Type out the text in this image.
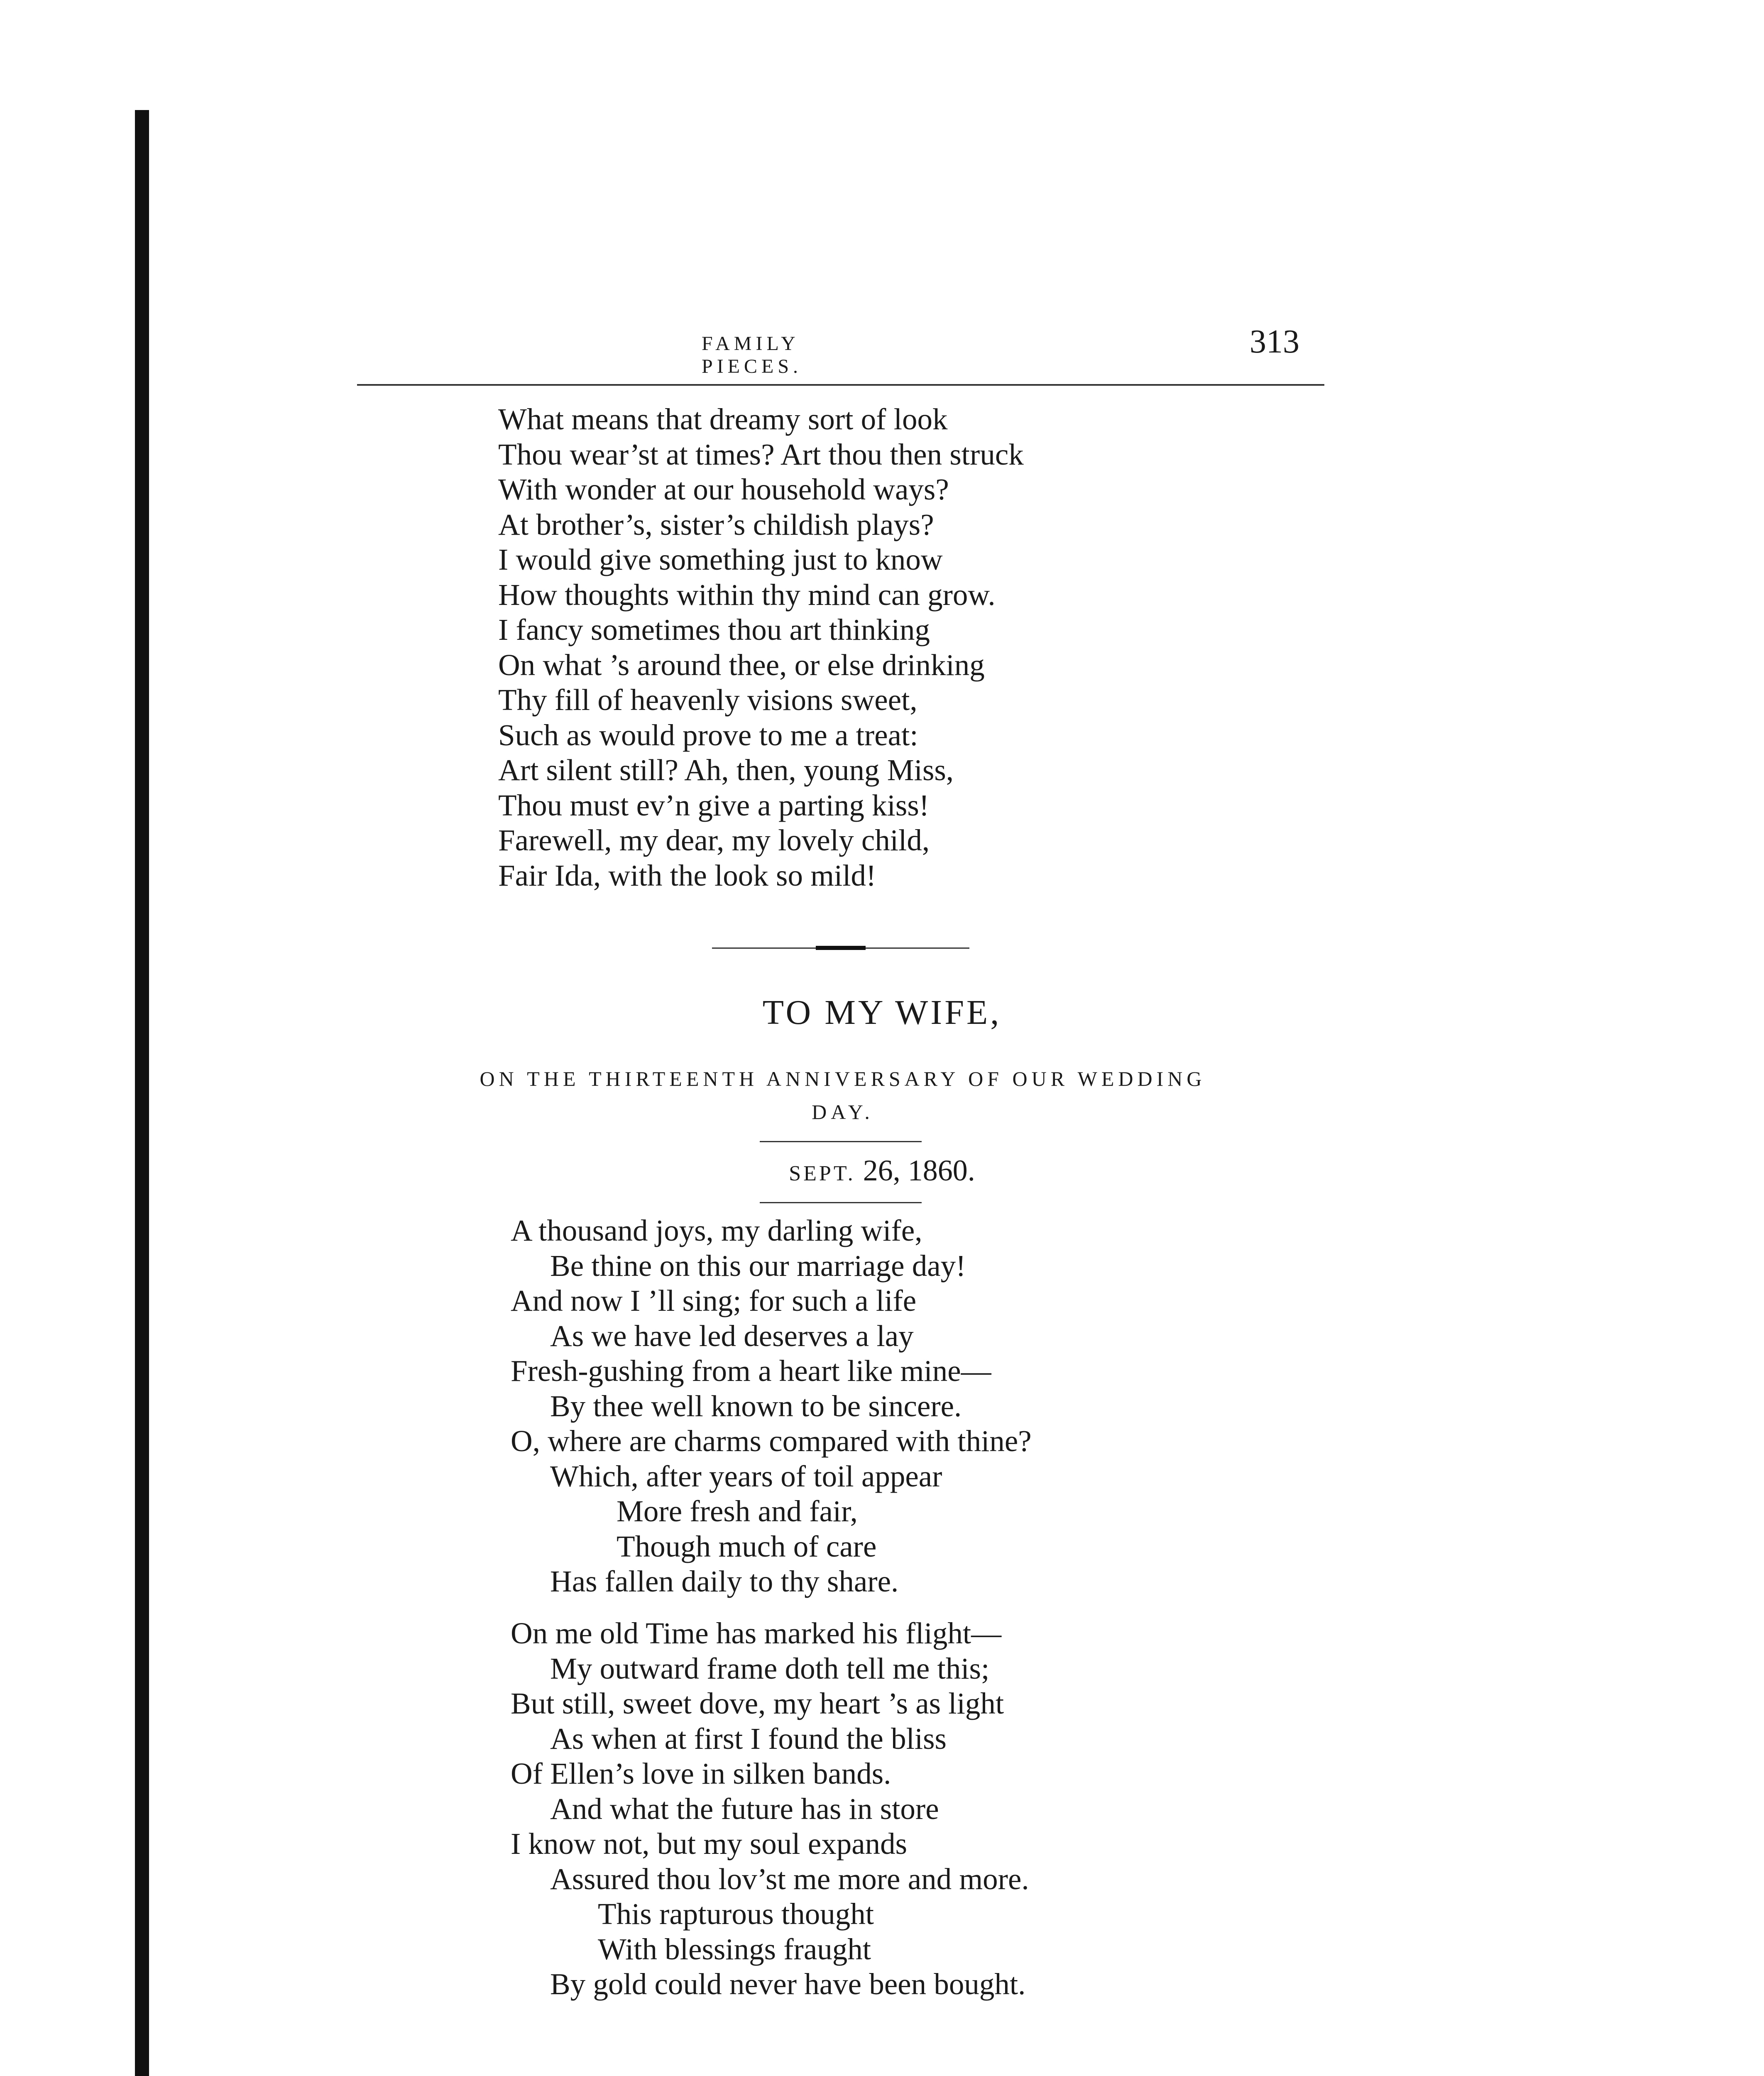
FAMILY PIECES.
313
What means that dreamy sort of look
Thou wear’st at times? Art thou then struck
With wonder at our household ways?
At brother’s, sister’s childish plays?
I would give something just to know
How thoughts within thy mind can grow.
I fancy sometimes thou art thinking
On what ’s around thee, or else drinking
Thy fill of heavenly visions sweet,
Such as would prove to me a treat:
Art silent still? Ah, then, young Miss,
Thou must ev’n give a parting kiss!
Farewell, my dear, my lovely child,
Fair Ida, with the look so mild!
TO MY WIFE,
ON THE THIRTEENTH ANNIVERSARY OF OUR WEDDING
DAY.
SEPT. 26, 1860.
A thousand joys, my darling wife,
Be thine on this our marriage day!
And now I ’ll sing; for such a life
As we have led deserves a lay
Fresh-gushing from a heart like mine—
By thee well known to be sincere.
O, where are charms compared with thine?
Which, after years of toil appear
More fresh and fair,
Though much of care
Has fallen daily to thy share.
On me old Time has marked his flight—
My outward frame doth tell me this;
But still, sweet dove, my heart ’s as light
As when at first I found the bliss
Of Ellen’s love in silken bands.
And what the future has in store
I know not, but my soul expands
Assured thou lov’st me more and more.
This rapturous thought
With blessings fraught
By gold could never have been bought.
